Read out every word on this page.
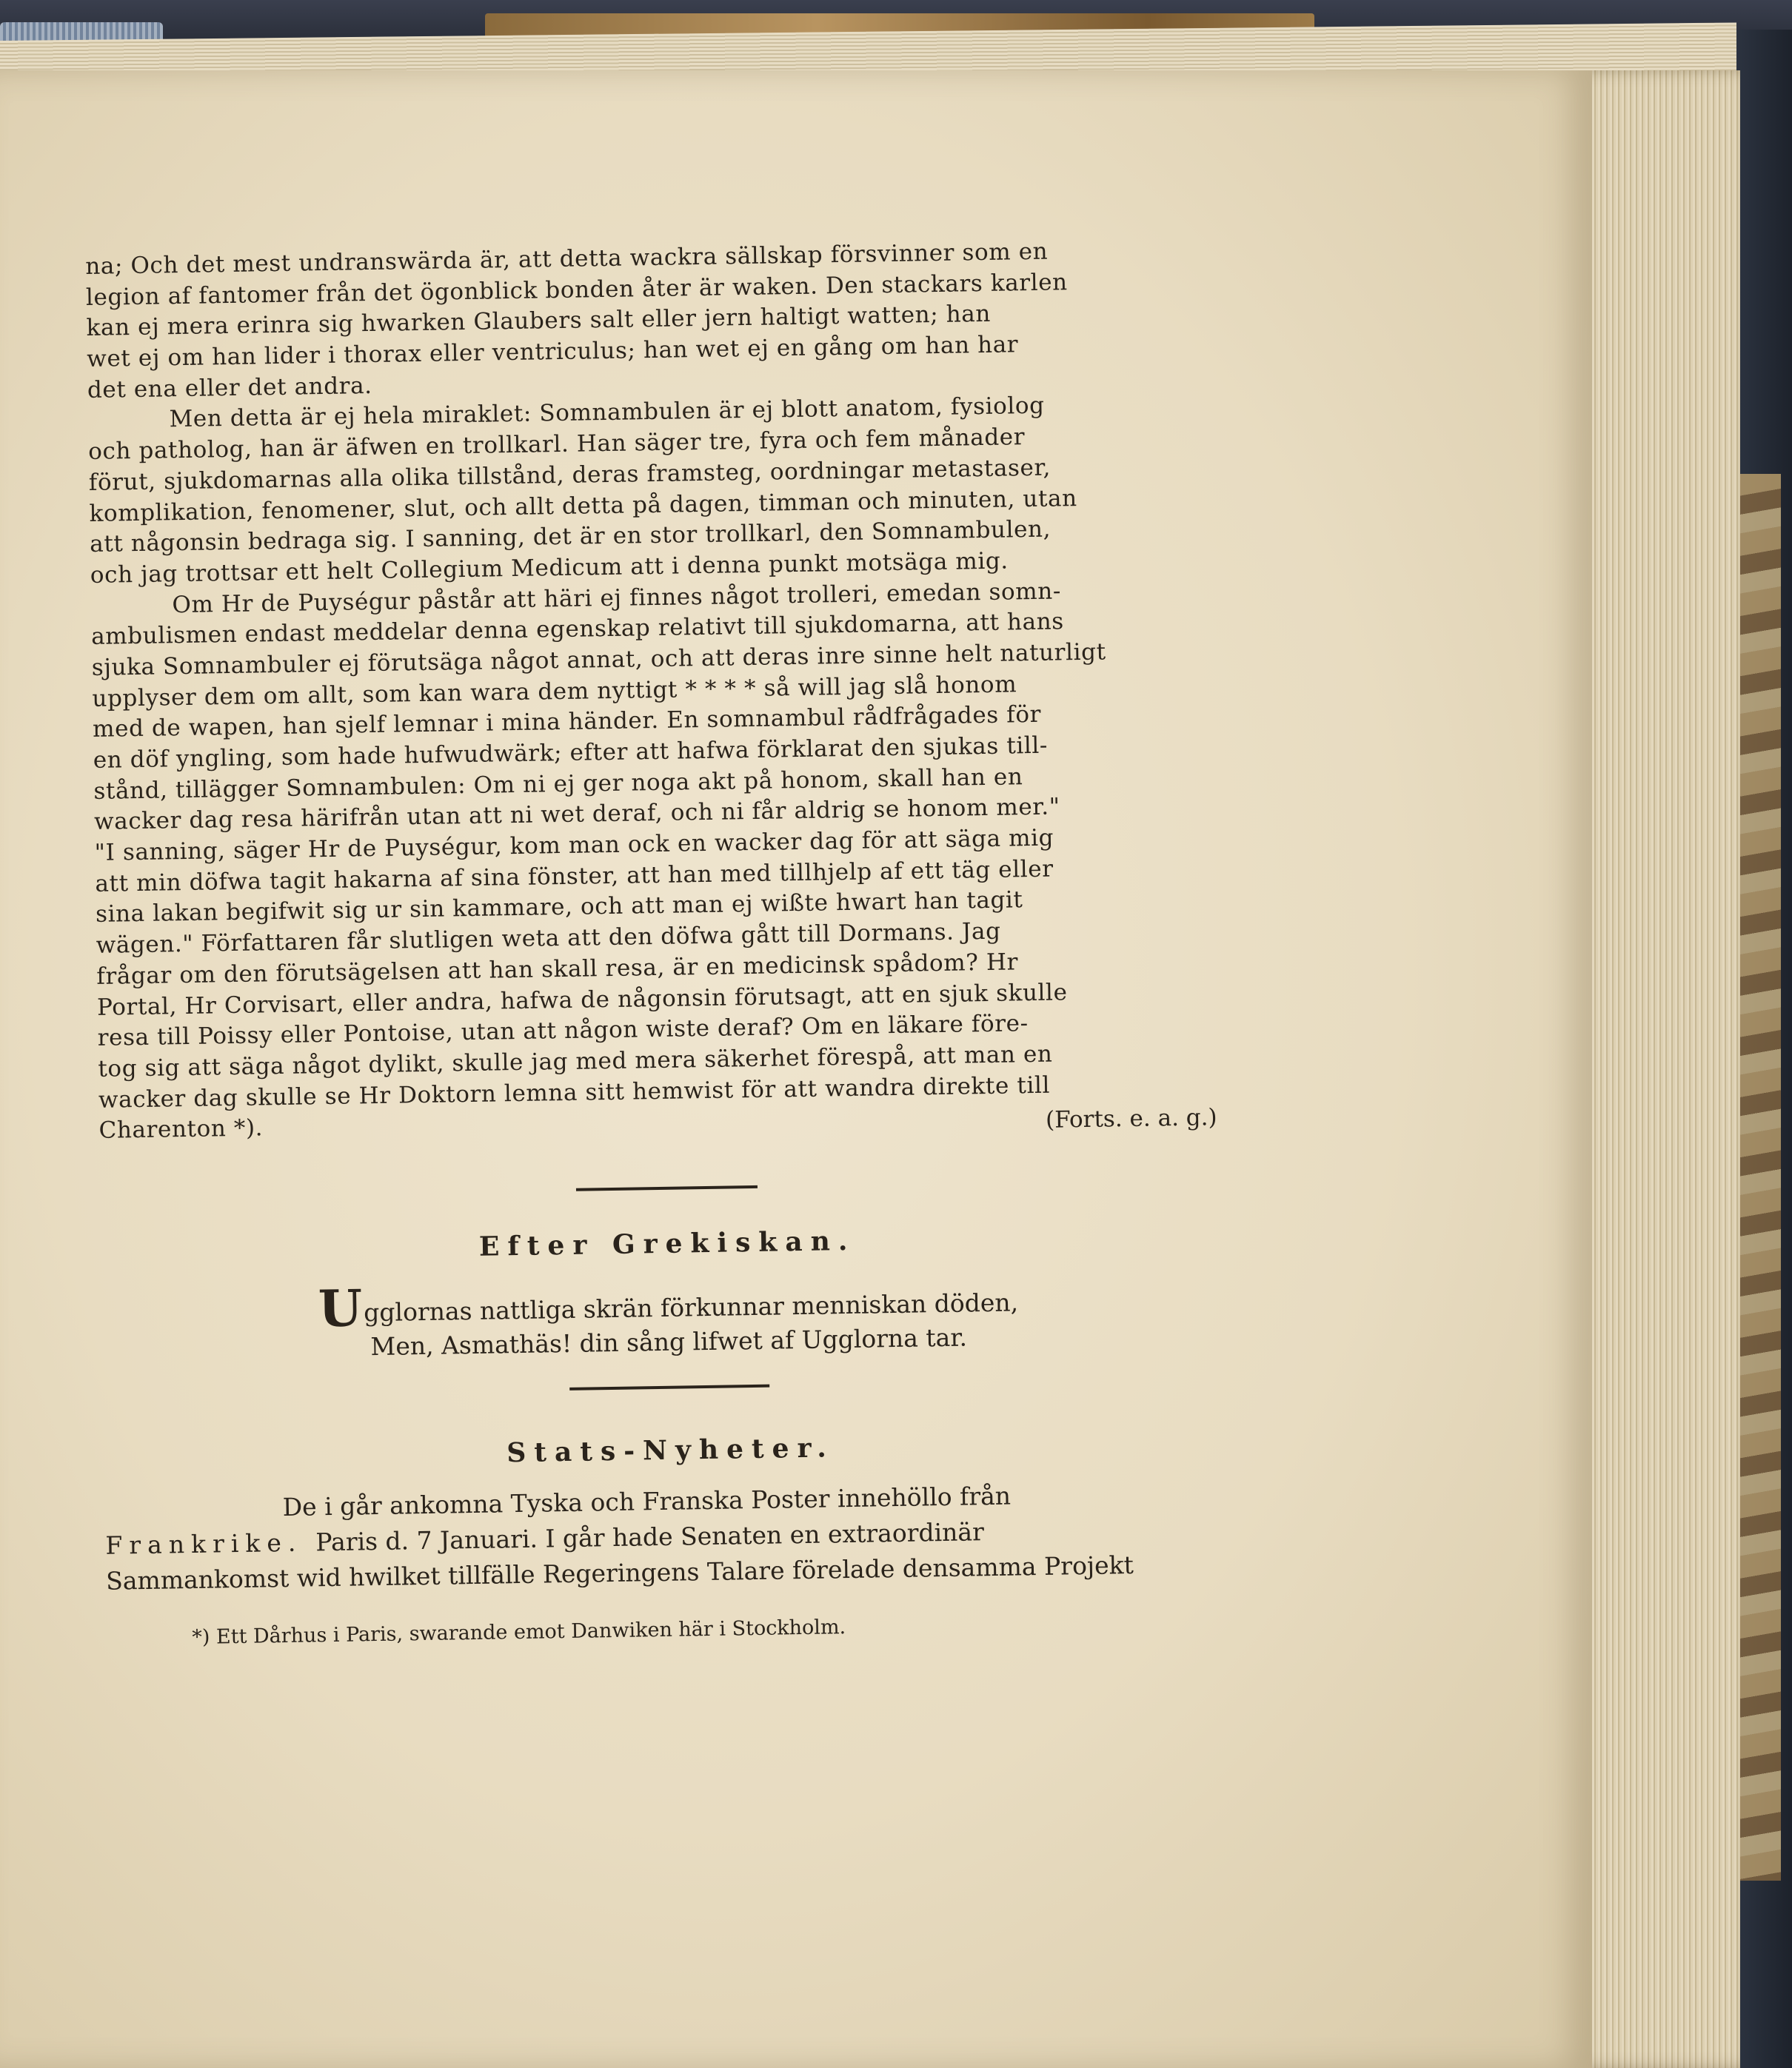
na; Och det mest undranswärda är, att detta wackra sällskap försvinner som en
legion af fantomer från det ögonblick bonden åter är waken. Den stackars karlen
kan ej mera erinra sig hwarken Glaubers salt eller jern haltigt watten; han
wet ej om han lider i thorax eller ventriculus; han wet ej en gång om han har
det ena eller det andra.
Men detta är ej hela miraklet: Somnambulen är ej blott anatom, fysiolog
och patholog, han är äfwen en trollkarl. Han säger tre, fyra och fem månader
förut, sjukdomarnas alla olika tillstånd, deras framsteg, oordningar metastaser,
komplikation, fenomener, slut, och allt detta på dagen, timman och minuten, utan
att någonsin bedraga sig. I sanning, det är en stor trollkarl, den Somnambulen,
och jag trottsar ett helt Collegium Medicum att i denna punkt motsäga mig.
Om Hr de Puységur påstår att häri ej finnes något trolleri, emedan somn-
ambulismen endast meddelar denna egenskap relativt till sjukdomarna, att hans
sjuka Somnambuler ej förutsäga något annat, och att deras inre sinne helt naturligt
upplyser dem om allt, som kan wara dem nyttigt * * * * så will jag slå honom
med de wapen, han sjelf lemnar i mina händer. En somnambul rådfrågades för
en döf yngling, som hade hufwudwärk; efter att hafwa förklarat den sjukas till-
stånd, tillägger Somnambulen: Om ni ej ger noga akt på honom, skall han en
wacker dag resa härifrån utan att ni wet deraf, och ni får aldrig se honom mer."
"I sanning, säger Hr de Puységur, kom man ock en wacker dag för att säga mig
att min döfwa tagit hakarna af sina fönster, att han med tillhjelp af ett täg eller
sina lakan begifwit sig ur sin kammare, och att man ej wißte hwart han tagit
wägen." Författaren får slutligen weta att den döfwa gått till Dormans. Jag
frågar om den förutsägelsen att han skall resa, är en medicinsk spådom? Hr
Portal, Hr Corvisart, eller andra, hafwa de någonsin förutsagt, att en sjuk skulle
resa till Poissy eller Pontoise, utan att någon wiste deraf? Om en läkare före-
tog sig att säga något dylikt, skulle jag med mera säkerhet förespå, att man en
wacker dag skulle se Hr Doktorn lemna sitt hemwist för att wandra direkte till
Charenton *).	(Forts. e. a. g.)
Efter Grekiskan.
Ugglornas nattliga skrän förkunnar menniskan döden,
Men, Asmathäs! din sång lifwet af Ugglorna tar.
Stats-Nyheter.
De i går ankomna Tyska och Franska Poster innehöllo från
Frankrike. Paris d. 7 Januari. I går hade Senaten en extraordinär
Sammankomst wid hwilket tillfälle Regeringens Talare förelade densamma Projekt
*) Ett Dårhus i Paris, swarande emot Danwiken här i Stockholm.
